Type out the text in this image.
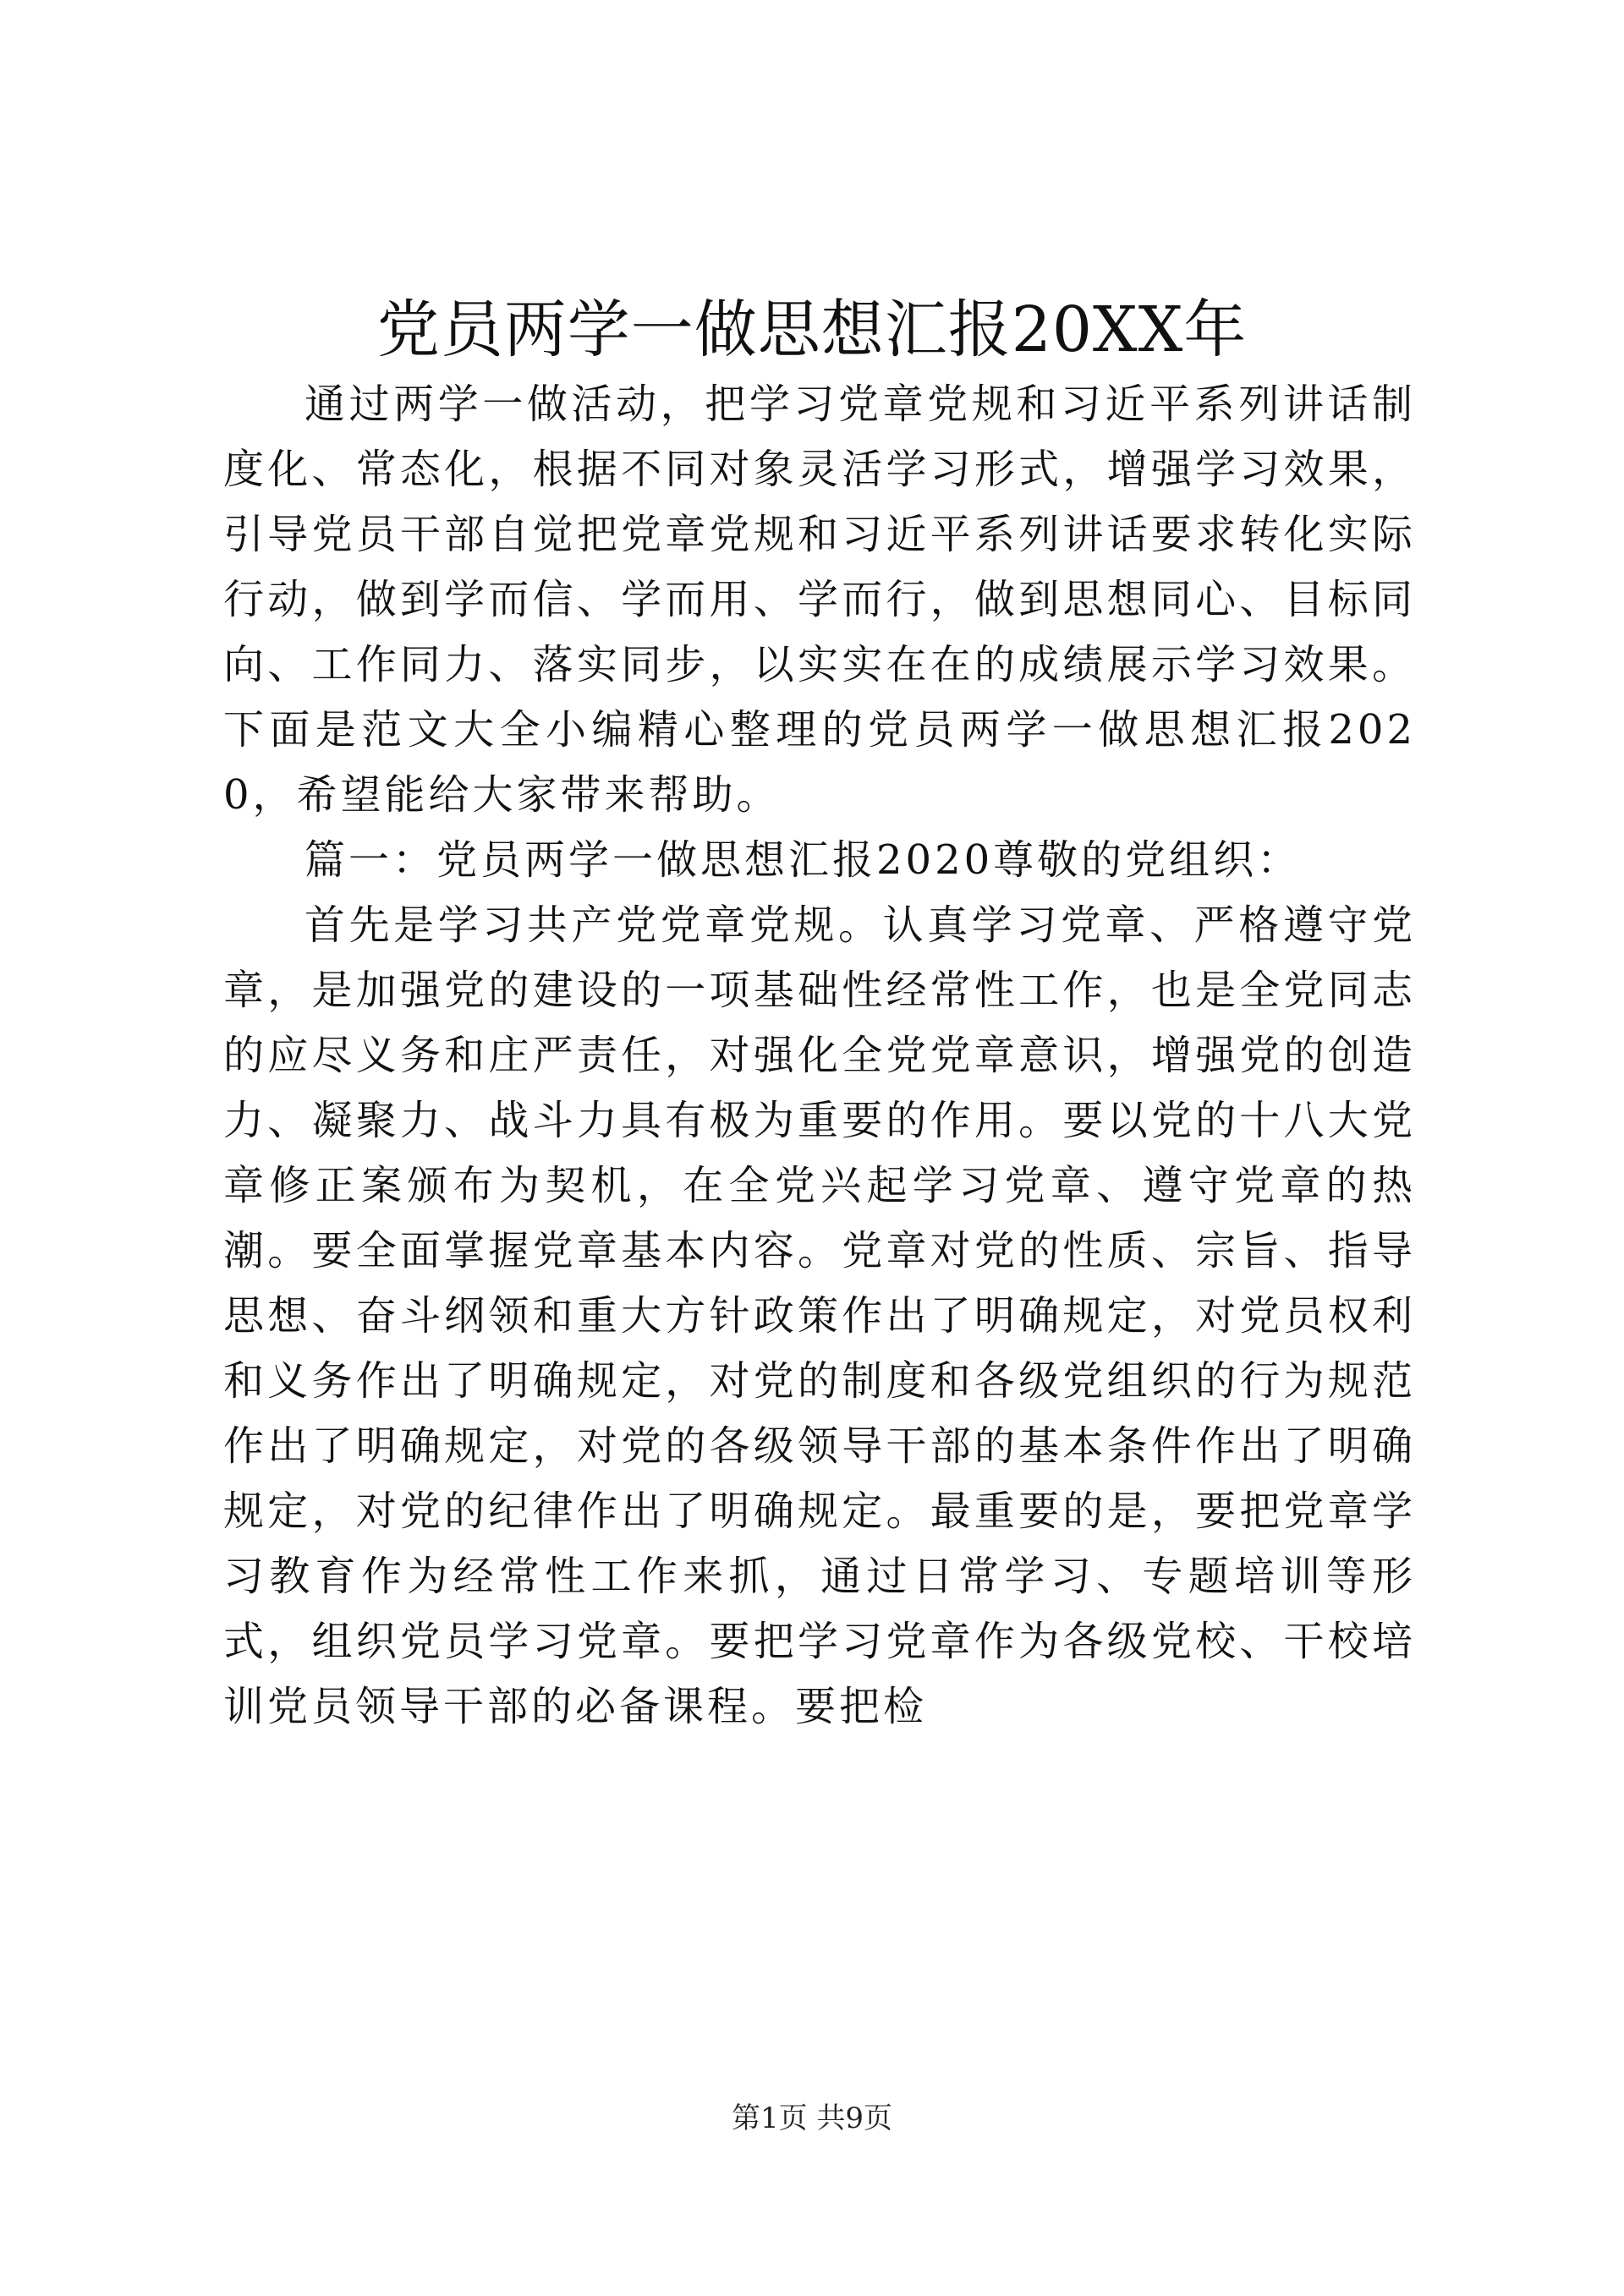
党员两学一做思想汇报20XX年

通过两学一做活动，把学习党章党规和习近平系列讲话制度化、常态化，根据不同对象灵活学习形式，增强学习效果，引导党员干部自觉把党章党规和习近平系列讲话要求转化实际行动，做到学而信、学而用、学而行，做到思想同心、目标同向、工作同力、落实同步，以实实在在的成绩展示学习效果。下面是范文大全小编精心整理的党员两学一做思想汇报2020，希望能给大家带来帮助。

篇一：党员两学一做思想汇报2020尊敬的党组织：

首先是学习共产党党章党规。认真学习党章、严格遵守党章，是加强党的建设的一项基础性经常性工作，也是全党同志的应尽义务和庄严责任，对强化全党党章意识，增强党的创造力、凝聚力、战斗力具有极为重要的作用。要以党的十八大党章修正案颁布为契机，在全党兴起学习党章、遵守党章的热潮。要全面掌握党章基本内容。党章对党的性质、宗旨、指导思想、奋斗纲领和重大方针政策作出了明确规定，对党员权利和义务作出了明确规定，对党的制度和各级党组织的行为规范作出了明确规定，对党的各级领导干部的基本条件作出了明确规定，对党的纪律作出了明确规定。最重要的是，要把党章学习教育作为经常性工作来抓，通过日常学习、专题培训等形式，组织党员学习党章。要把学习党章作为各级党校、干校培训党员领导干部的必备课程。要把检

第1页 共9页
